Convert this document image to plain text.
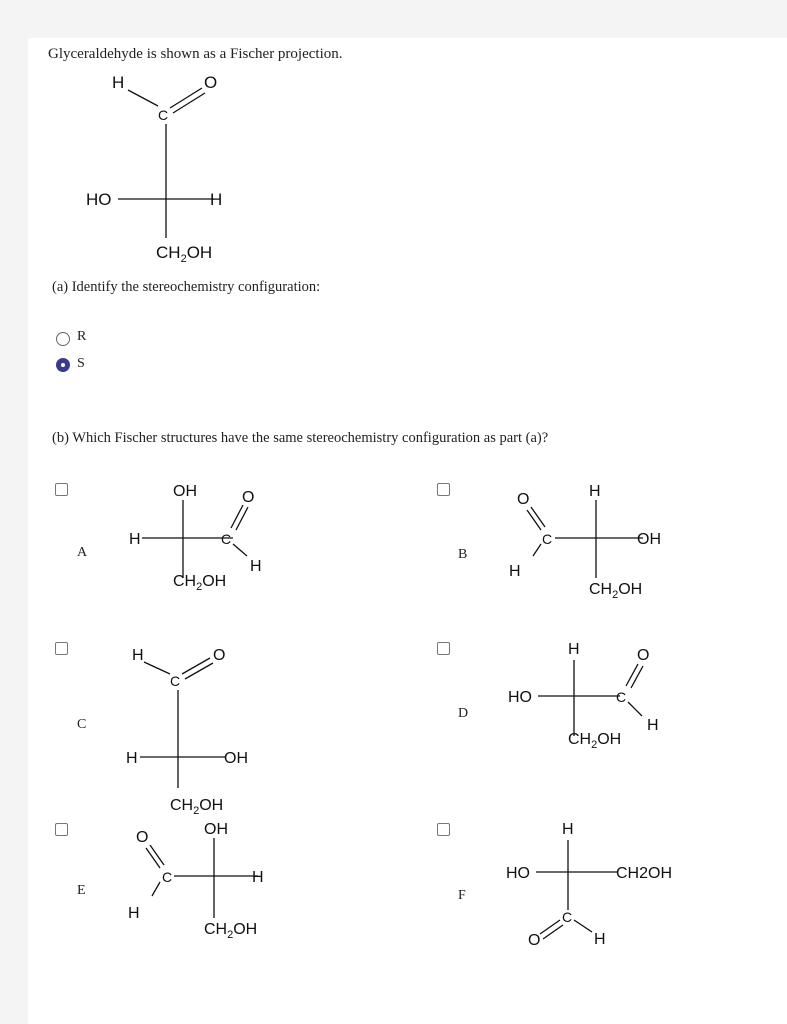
Glyceraldehyde is shown as a Fischer projection.
H
C
O
HO	H
$CH_2OH$
(a) Identify the stereochemistry configuration:
R
S
(b) Which Fischer structures have the same stereochemistry configuration as part (a)?
A
OH
H	C
O
H
$CH_2OH$
B
O
C
H
H
OH
$CH_2OH$
C
H
C
O
H	OH
$CH_2OH$
D
H
HO	C
O
H
$CH_2OH$
E
O
C
H
OH
H
$CH_2OH$
F
H
HO	CH2OH
C
O	H
